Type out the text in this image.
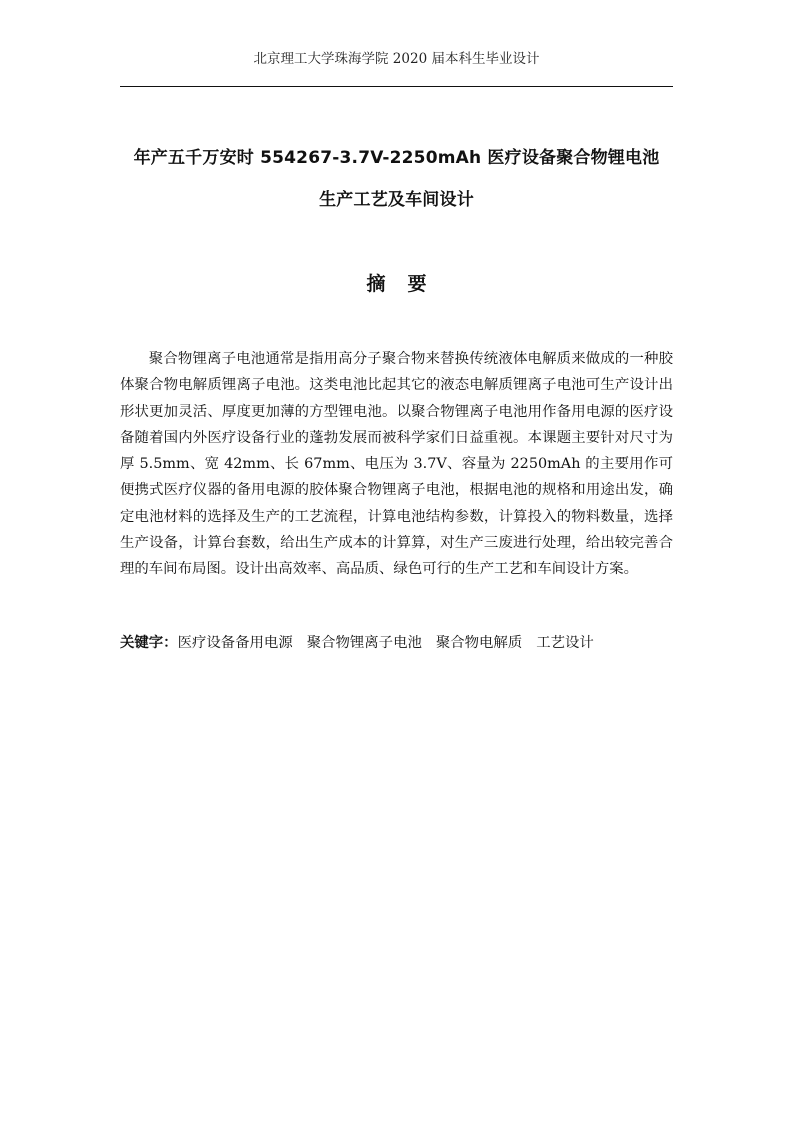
北京理工大学珠海学院 2020 届本科生毕业设计
年产五千万安时 554267-3.7V-2250mAh 医疗设备聚合物锂电池
生产工艺及车间设计
摘要

聚合物锂离子电池通常是指用高分子聚合物来替换传统液体电解质来做成的一种胶体聚合物电解质锂离子电池。这类电池比起其它的液态电解质锂离子电池可生产设计出形状更加灵活、厚度更加薄的方型锂电池。以聚合物锂离子电池用作备用电源的医疗设备随着国内外医疗设备行业的蓬勃发展而被科学家们日益重视。本课题主要针对尺寸为厚 5.5mm、宽 42mm、长 67mm、电压为 3.7V、容量为 2250mAh 的主要用作可便携式医疗仪器的备用电源的胶体聚合物锂离子电池，根据电池的规格和用途出发，确定电池材料的选择及生产的工艺流程，计算电池结构参数，计算投入的物料数量，选择生产设备，计算台套数，给出生产成本的计算算，对生产三废进行处理，给出较完善合理的车间布局图。设计出高效率、高品质、绿色可行的生产工艺和车间设计方案。

关键字：医疗设备备用电源 聚合物锂离子电池 聚合物电解质 工艺设计
